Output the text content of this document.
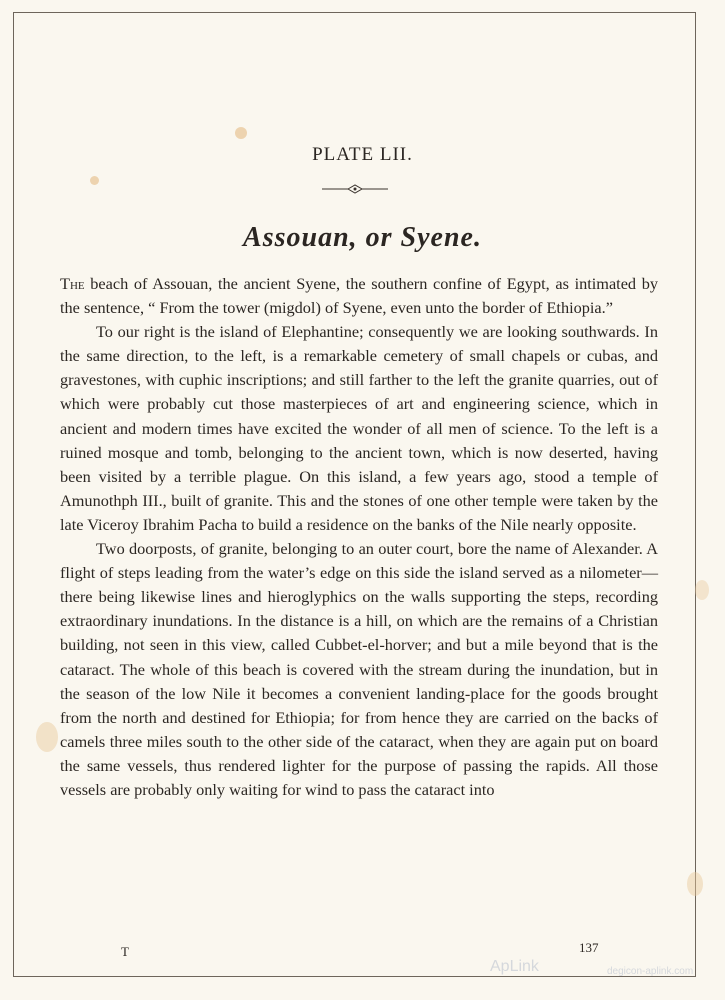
PLATE LII.
Assouan, or Syene.

The beach of Assouan, the ancient Syene, the southern confine of Egypt, as intimated by the sentence, “ From the tower (migdol) of Syene, even unto the border of Ethiopia.”

To our right is the island of Elephantine; consequently we are looking southwards. In the same direction, to the left, is a remarkable cemetery of small chapels or cubas, and gravestones, with cuphic inscriptions; and still farther to the left the granite quarries, out of which were probably cut those masterpieces of art and engineering science, which in ancient and modern times have excited the wonder of all men of science. To the left is a ruined mosque and tomb, belonging to the ancient town, which is now deserted, having been visited by a terrible plague. On this island, a few years ago, stood a temple of Amunothph III., built of granite. This and the stones of one other temple were taken by the late Viceroy Ibrahim Pacha to build a residence on the banks of the Nile nearly opposite.

Two doorposts, of granite, belonging to an outer court, bore the name of Alexander. A flight of steps leading from the water’s edge on this side the island served as a nilometer—there being likewise lines and hieroglyphics on the walls supporting the steps, recording extraordinary inundations. In the distance is a hill, on which are the remains of a Christian building, not seen in this view, called Cubbet-el-horver; and but a mile beyond that is the cataract. The whole of this beach is covered with the stream during the inundation, but in the season of the low Nile it becomes a convenient landing-place for the goods brought from the north and destined for Ethiopia; for from hence they are carried on the backs of camels three miles south to the other side of the cataract, when they are again put on board the same vessels, thus rendered lighter for the purpose of passing the rapids. All those vessels are probably only waiting for wind to pass the cataract into

T	137
ApLink	degicon-aplink.com
